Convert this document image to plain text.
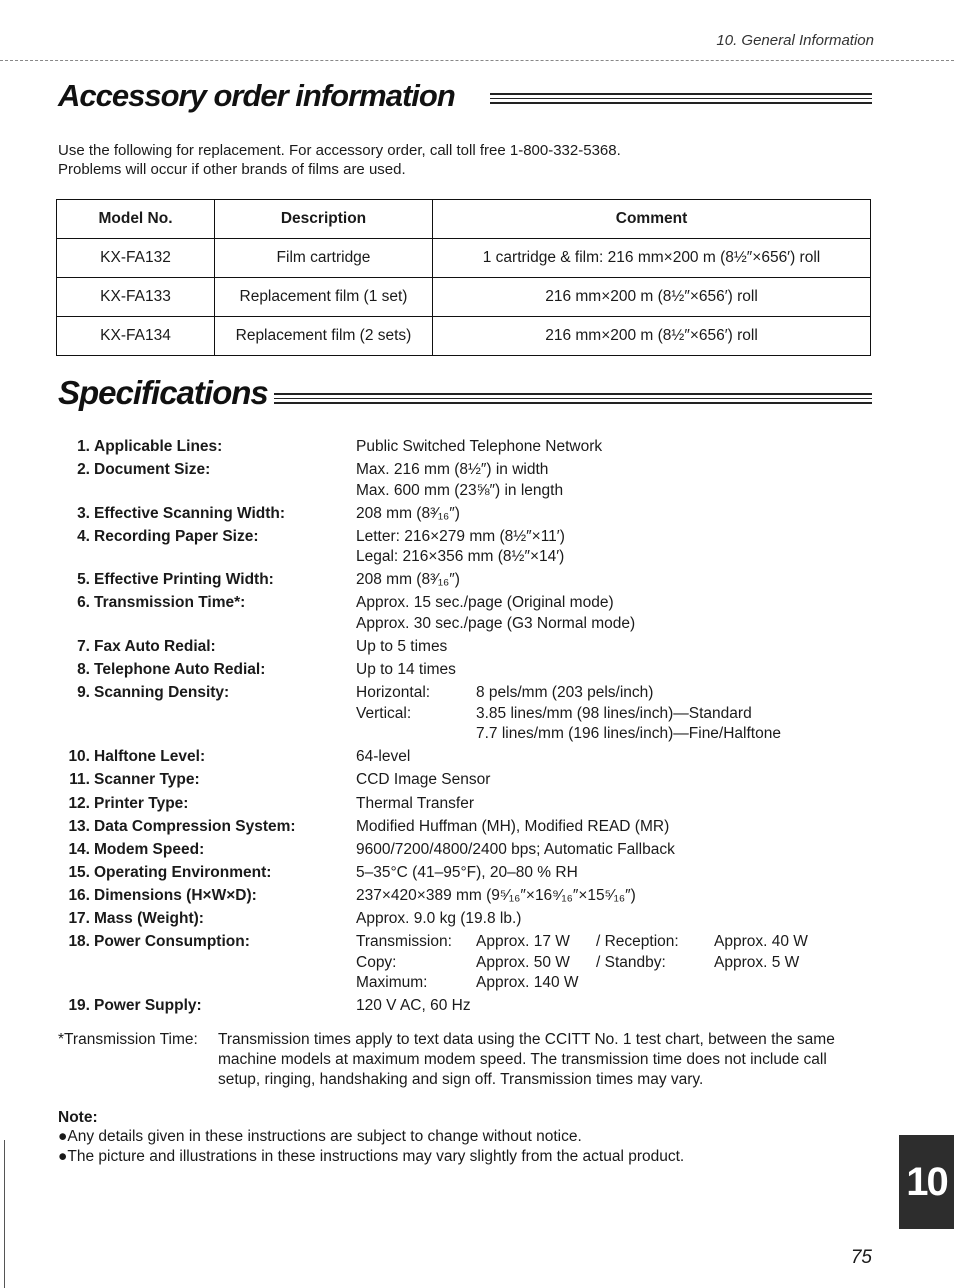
10. General Information
Accessory order information
Use the following for replacement. For accessory order, call toll free 1-800-332-5368.
Problems will occur if other brands of films are used.
Model No.	Description	Comment
KX-FA132	Film cartridge	1 cartridge & film: 216 mm×200 m (8½″×656′) roll
KX-FA133	Replacement film (1 set)	216 mm×200 m (8½″×656′) roll
KX-FA134	Replacement film (2 sets)	216 mm×200 m (8½″×656′) roll
Specifications
1. Applicable Lines:	Public Switched Telephone Network
2. Document Size:	Max. 216 mm (8½″) in width
Max. 600 mm (23⅝″) in length
3. Effective Scanning Width:	208 mm (8³⁄₁₆″)
4. Recording Paper Size:	Letter: 216×279 mm (8½″×11′)
Legal: 216×356 mm (8½″×14′)
5. Effective Printing Width:	208 mm (8³⁄₁₆″)
6. Transmission Time*:	Approx. 15 sec./page (Original mode)
Approx. 30 sec./page (G3 Normal mode)
7. Fax Auto Redial:	Up to 5 times
8. Telephone Auto Redial:	Up to 14 times
9. Scanning Density:	Horizontal:	8 pels/mm (203 pels/inch)
Vertical:	3.85 lines/mm (98 lines/inch)—Standard
7.7 lines/mm (196 lines/inch)—Fine/Halftone
10. Halftone Level:	64-level
11. Scanner Type:	CCD Image Sensor
12. Printer Type:	Thermal Transfer
13. Data Compression System:	Modified Huffman (MH), Modified READ (MR)
14. Modem Speed:	9600/7200/4800/2400 bps; Automatic Fallback
15. Operating Environment:	5–35°C (41–95°F), 20–80 % RH
16. Dimensions (H×W×D):	237×420×389 mm (9⁵⁄₁₆″×16⁹⁄₁₆″×15⁵⁄₁₆″)
17. Mass (Weight):	Approx. 9.0 kg (19.8 lb.)
18. Power Consumption:	Transmission:	Approx. 17 W	/ Reception:	Approx. 40 W
Copy:	Approx. 50 W	/ Standby:	Approx. 5 W
Maximum:	Approx. 140 W
19. Power Supply:	120 V AC, 60 Hz
*Transmission Time:	Transmission times apply to text data using the CCITT No. 1 test chart, between the same machine models at maximum modem speed. The transmission time does not include call setup, ringing, handshaking and sign off. Transmission times may vary.
Note:
●Any details given in these instructions are subject to change without notice.
●The picture and illustrations in these instructions may vary slightly from the actual product.
10
75
